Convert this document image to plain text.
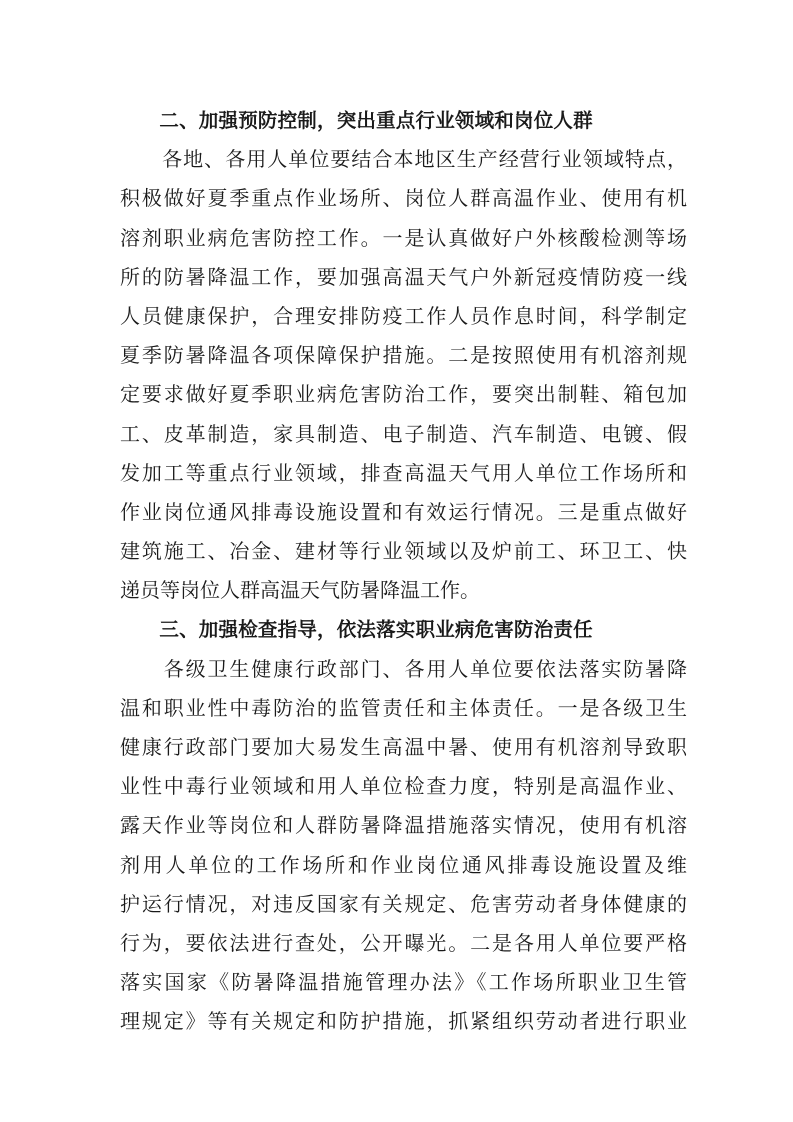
　　二、加强预防控制，突出重点行业领域和岗位人群
　　各地、各用人单位要结合本地区生产经营行业领域特点，
积极做好夏季重点作业场所、岗位人群高温作业、使用有机
溶剂职业病危害防控工作。一是认真做好户外核酸检测等场
所的防暑降温工作，要加强高温天气户外新冠疫情防疫一线
人员健康保护，合理安排防疫工作人员作息时间，科学制定
夏季防暑降温各项保障保护措施。二是按照使用有机溶剂规
定要求做好夏季职业病危害防治工作，要突出制鞋、箱包加
工、皮革制造，家具制造、电子制造、汽车制造、电镀、假
发加工等重点行业领域，排查高温天气用人单位工作场所和
作业岗位通风排毒设施设置和有效运行情况。三是重点做好
建筑施工、冶金、建材等行业领域以及炉前工、环卫工、快
递员等岗位人群高温天气防暑降温工作。
　　三、加强检查指导，依法落实职业病危害防治责任
　　各级卫生健康行政部门、各用人单位要依法落实防暑降
温和职业性中毒防治的监管责任和主体责任。一是各级卫生
健康行政部门要加大易发生高温中暑、使用有机溶剂导致职
业性中毒行业领域和用人单位检查力度，特别是高温作业、
露天作业等岗位和人群防暑降温措施落实情况，使用有机溶
剂用人单位的工作场所和作业岗位通风排毒设施设置及维
护运行情况，对违反国家有关规定、危害劳动者身体健康的
行为，要依法进行查处，公开曝光。二是各用人单位要严格
落实国家《防暑降温措施管理办法》《工作场所职业卫生管
理规定》等有关规定和防护措施，抓紧组织劳动者进行职业
